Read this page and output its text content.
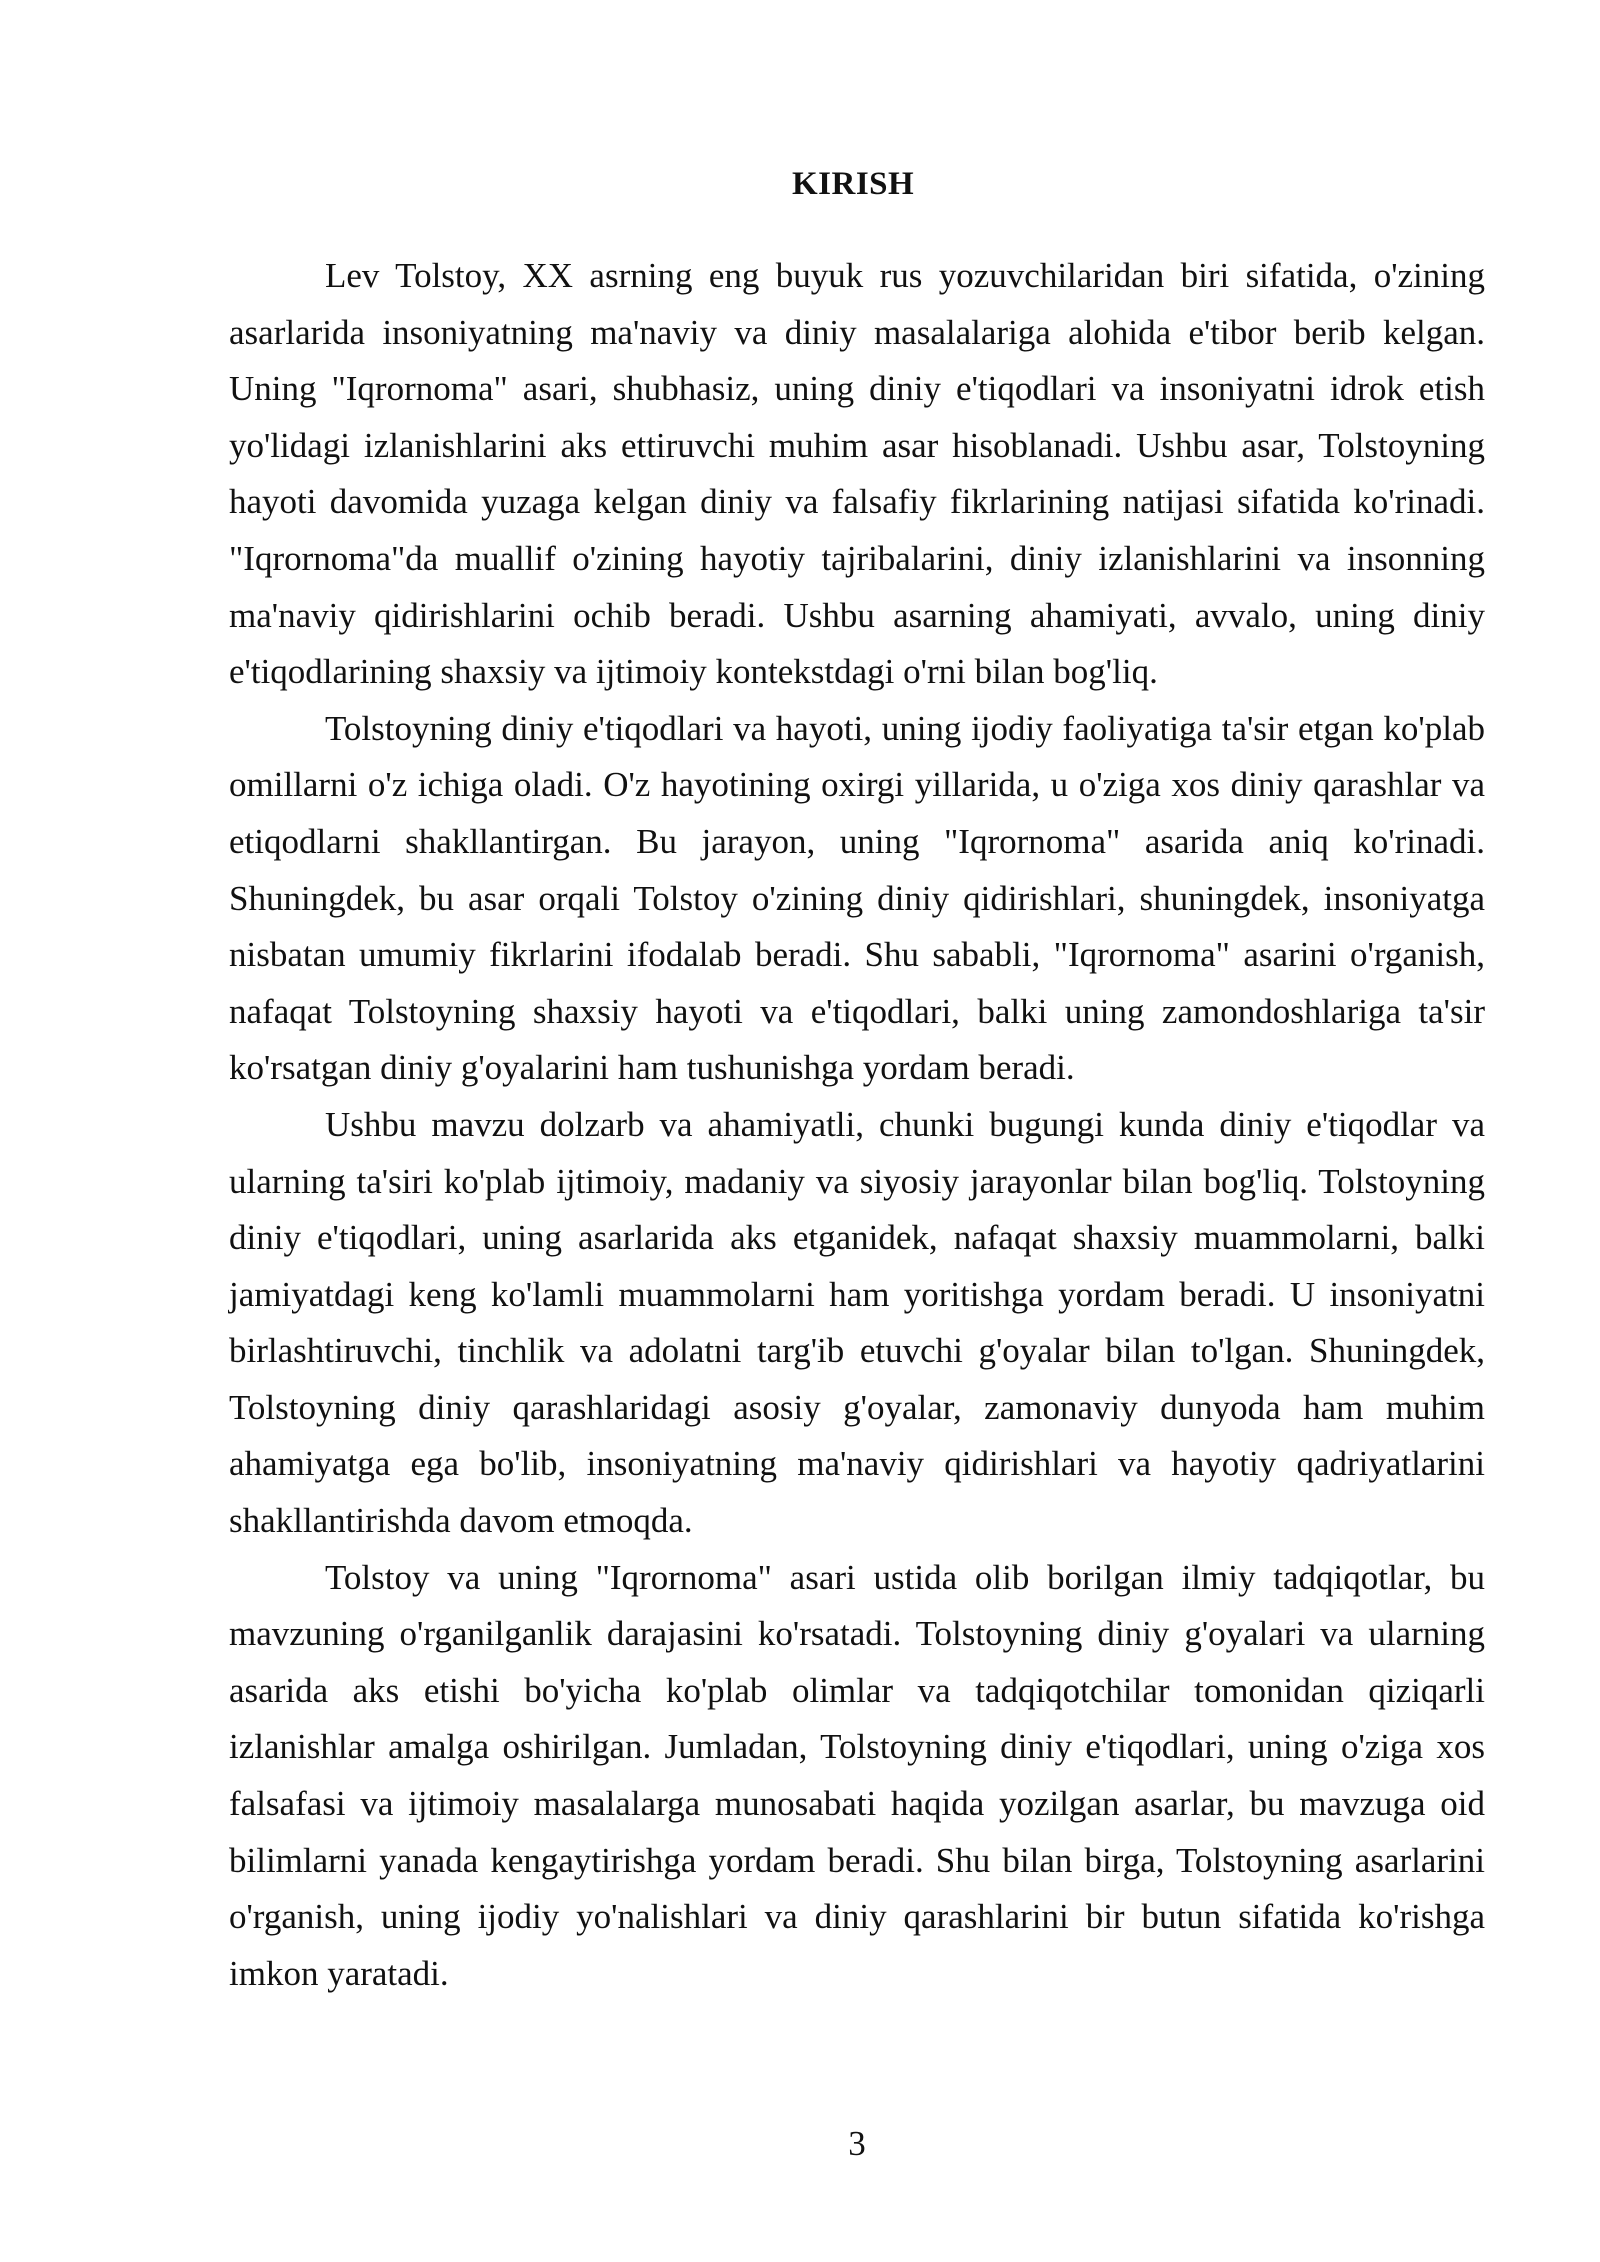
KIRISH

Lev Tolstoy, XX asrning eng buyuk rus yozuvchilaridan biri sifatida, o'zining asarlarida insoniyatning ma'naviy va diniy masalalariga alohida e'tibor berib kelgan. Uning "Iqrornoma" asari, shubhasiz, uning diniy e'tiqodlari va insoniyatni idrok etish yo'lidagi izlanishlarini aks ettiruvchi muhim asar hisoblanadi. Ushbu asar, Tolstoyning hayoti davomida yuzaga kelgan diniy va falsafiy fikrlarining natijasi sifatida ko'rinadi. "Iqrornoma"da muallif o'zining hayotiy tajribalarini, diniy izlanishlarini va insonning ma'naviy qidirishlarini ochib beradi. Ushbu asarning ahamiyati, avvalo, uning diniy e'tiqodlarining shaxsiy va ijtimoiy kontekstdagi o'rni bilan bog'liq.

Tolstoyning diniy e'tiqodlari va hayoti, uning ijodiy faoliyatiga ta'sir etgan ko'plab omillarni o'z ichiga oladi. O'z hayotining oxirgi yillarida, u o'ziga xos diniy qarashlar va etiqodlarni shakllantirgan. Bu jarayon, uning "Iqrornoma" asarida aniq ko'rinadi. Shuningdek, bu asar orqali Tolstoy o'zining diniy qidirishlari, shuningdek, insoniyatga nisbatan umumiy fikrlarini ifodalab beradi. Shu sababli, "Iqrornoma" asarini o'rganish, nafaqat Tolstoyning shaxsiy hayoti va e'tiqodlari, balki uning zamondoshlariga ta'sir ko'rsatgan diniy g'oyalarini ham tushunishga yordam beradi.

Ushbu mavzu dolzarb va ahamiyatli, chunki bugungi kunda diniy e'tiqodlar va ularning ta'siri ko'plab ijtimoiy, madaniy va siyosiy jarayonlar bilan bog'liq. Tolstoyning diniy e'tiqodlari, uning asarlarida aks etganidek, nafaqat shaxsiy muammolarni, balki jamiyatdagi keng ko'lamli muammolarni ham yoritishga yordam beradi. U insoniyatni birlashtiruvchi, tinchlik va adolatni targ'ib etuvchi g'oyalar bilan to'lgan. Shuningdek, Tolstoyning diniy qarashlaridagi asosiy g'oyalar, zamonaviy dunyoda ham muhim ahamiyatga ega bo'lib, insoniyatning ma'naviy qidirishlari va hayotiy qadriyatlarini shakllantirishda davom etmoqda.

Tolstoy va uning "Iqrornoma" asari ustida olib borilgan ilmiy tadqiqotlar, bu mavzuning o'rganilganlik darajasini ko'rsatadi. Tolstoyning diniy g'oyalari va ularning asarida aks etishi bo'yicha ko'plab olimlar va tadqiqotchilar tomonidan qiziqarli izlanishlar amalga oshirilgan. Jumladan, Tolstoyning diniy e'tiqodlari, uning o'ziga xos falsafasi va ijtimoiy masalalarga munosabati haqida yozilgan asarlar, bu mavzuga oid bilimlarni yanada kengaytirishga yordam beradi. Shu bilan birga, Tolstoyning asarlarini o'rganish, uning ijodiy yo'nalishlari va diniy qarashlarini bir butun sifatida ko'rishga imkon yaratadi.

3
